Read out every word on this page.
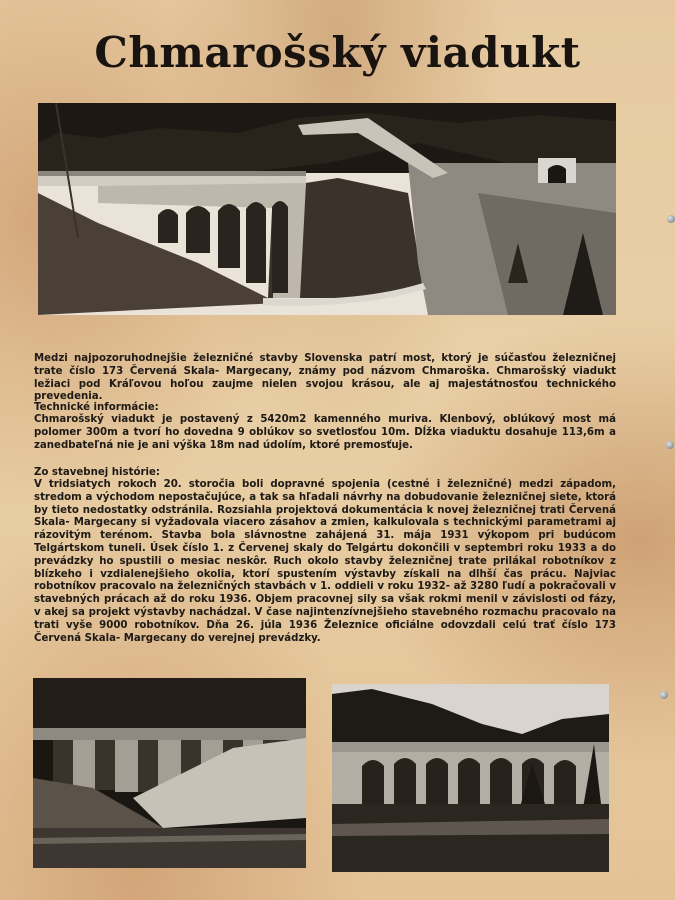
Chmarošský viadukt
Medzi najpozoruhodnejšie železničné stavby Slovenska patrí most, ktorý je súčasťou železničnej trate číslo 173 Červená Skala- Margecany, známy pod názvom Chmaroška. Chmarošský viadukt ležiaci pod Kráľovou hoľou zaujme nielen svojou krásou, ale aj majestátnosťou technického prevedenia.
Technické informácie:
Chmarošský viadukt je postavený z 5420m2 kamenného muriva. Klenbový, oblúkový most má polomer 300m a tvorí ho dovedna 9 oblúkov so svetlosťou 10m. Dĺžka viaduktu dosahuje 113,6m a zanedbateľná nie je ani výška 18m nad údolím, ktoré premosťuje.
Zo stavebnej histórie:
V tridsiatych rokoch 20. storočia boli dopravné spojenia (cestné i železničné) medzi západom, stredom a východom nepostačujúce, a tak sa hľadali návrhy na dobudovanie železničnej siete, ktorá by tieto nedostatky odstránila. Rozsiahla projektová dokumentácia k novej železničnej trati Červená Skala- Margecany si vyžadovala viacero zásahov a zmien, kalkulovala s technickými parametrami aj rázovitým terénom. Stavba bola slávnostne zahájená 31. mája 1931 výkopom pri budúcom Telgártskom tuneli. Úsek číslo 1. z Červenej skaly do Telgártu dokončili v septembri roku 1933 a do prevádzky ho spustili o mesiac neskôr. Ruch okolo stavby železničnej trate prilákal robotníkov z blízkeho i vzdialenejšieho okolia, ktorí spustením výstavby získali na dlhší čas prácu. Najviac robotníkov pracovalo na železničných stavbách v 1. oddieli v roku 1932- až 3280 ľudí a pokračovali v stavebných prácach až do roku 1936. Objem pracovnej sily sa však rokmi menil v závislosti od fázy, v akej sa projekt výstavby nachádzal. V čase najintenzívnejšieho stavebného rozmachu pracovalo na trati vyše 9000 robotníkov. Dňa 26. júla 1936 Železnice oficiálne odovzdali celú trať číslo 173 Červená Skala- Margecany do verejnej prevádzky.
